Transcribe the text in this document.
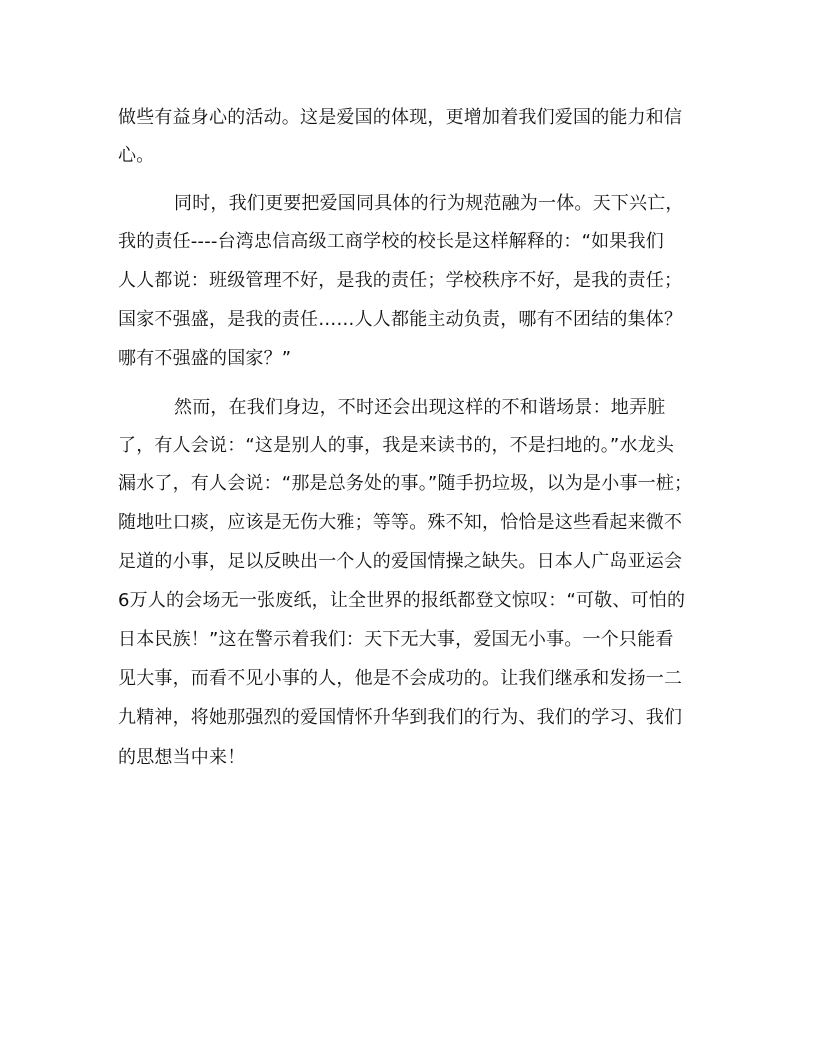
做些有益身心的活动。这是爱国的体现，更增加着我们爱国的能力和信
心。
同时，我们更要把爱国同具体的行为规范融为一体。天下兴亡，
我的责任----台湾忠信高级工商学校的校长是这样解释的：“如果我们
人人都说：班级管理不好，是我的责任；学校秩序不好，是我的责任；
国家不强盛，是我的责任……人人都能主动负责，哪有不团结的集体？
哪有不强盛的国家？”
然而，在我们身边，不时还会出现这样的不和谐场景：地弄脏
了，有人会说：“这是别人的事，我是来读书的，不是扫地的。”水龙头
漏水了，有人会说：“那是总务处的事。”随手扔垃圾，以为是小事一桩；
随地吐口痰，应该是无伤大雅；等等。殊不知，恰恰是这些看起来微不
足道的小事，足以反映出一个人的爱国情操之缺失。日本人广岛亚运会
6万人的会场无一张废纸，让全世界的报纸都登文惊叹：“可敬、可怕的
日本民族！”这在警示着我们：天下无大事，爱国无小事。一个只能看
见大事，而看不见小事的人，他是不会成功的。让我们继承和发扬一二
九精神，将她那强烈的爱国情怀升华到我们的行为、我们的学习、我们
的思想当中来！
